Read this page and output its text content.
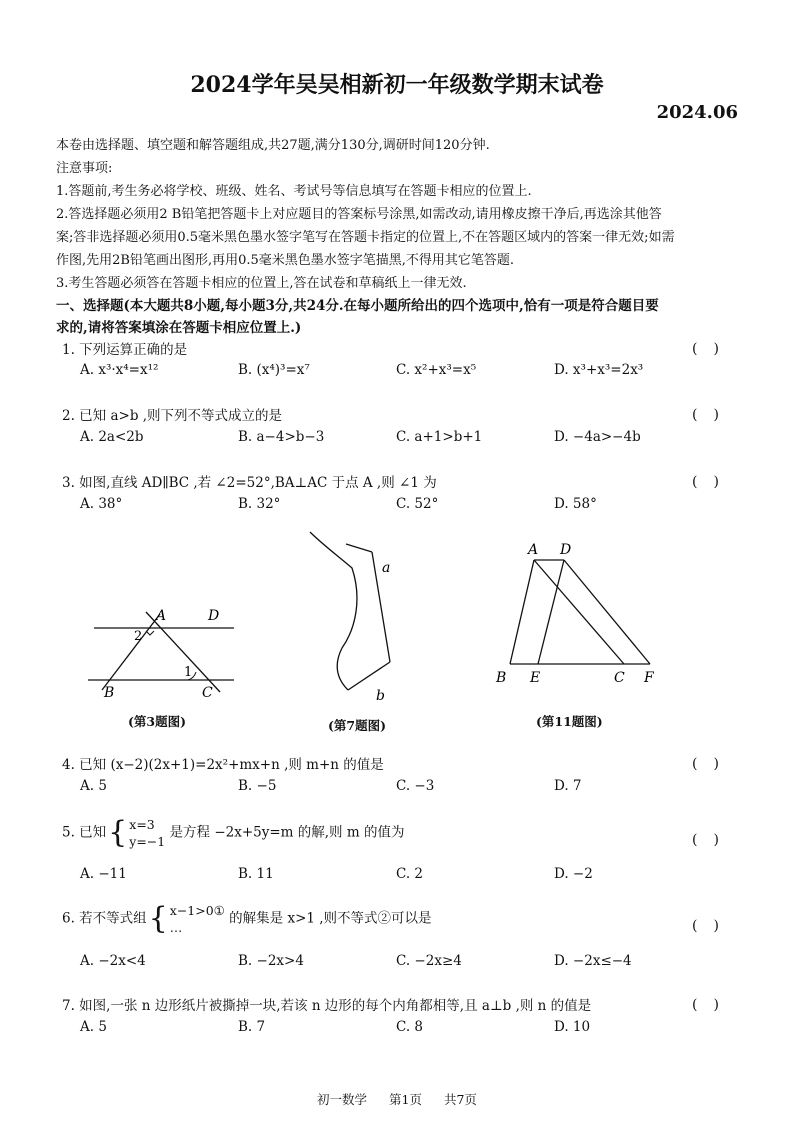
2024学年吴吴相新初一年级数学期末试卷
2024.06
本卷由选择题、填空题和解答题组成,共27题,满分130分,调研时间120分钟.
注意事项:
1.答题前,考生务必将学校、班级、姓名、考试号等信息填写在答题卡相应的位置上.
2.答选择题必须用2 B铅笔把答题卡上对应题目的答案标号涂黑,如需改动,请用橡皮擦干净后,再选涂其他答
案;答非选择题必须用0.5毫米黑色墨水签字笔写在答题卡指定的位置上,不在答题区域内的答案一律无效;如需
作图,先用2B铅笔画出图形,再用0.5毫米黑色墨水签字笔描黑,不得用其它笔答题.
3.考生答题必须答在答题卡相应的位置上,答在试卷和草稿纸上一律无效.
一、选择题(本大题共8小题,每小题3分,共24分.在每小题所给出的四个选项中,恰有一项是符合题目要
求的,请将答案填涂在答题卡相应位置上.)
1. 下列运算正确的是	(　)
A. x³·x⁴=x¹²	B. (x⁴)³=x⁷	C. x²+x³=x⁵	D. x³+x³=2x³
2. 已知 a>b ,则下列不等式成立的是	(　)
A. 2a<2b	B. a−4>b−3	C. a+1>b+1	D. −4a>−4b
3. 如图,直线 AD∥BC ,若 ∠2=52°,BA⊥AC 于点 A ,则 ∠1 为	(　)
A. 38°	B. 32°	C. 52°	D. 58°
A	D
B	C
1
2
(第3题图)
a
b
(第7题图)
A D
B E	C F
(第11题图)
4. 已知 (x−2)(2x+1)=2x²+mx+n ,则 m+n 的值是	(　)
A. 5	B. −5	C. −3	D. 7
5. 已知{ x=3
y=−1 是方程 −2x+5y=m 的解,则 m 的值为	(　)
A. −11	B. 11	C. 2	D. −2
6. 若不等式组{ x−1>0①
… 的解集是 x>1 ,则不等式②可以是	(　)
A. −2x<4	B. −2x>4	C. −2x≥4	D. −2x≤−4
7. 如图,一张 n 边形纸片被撕掉一块,若该 n 边形的每个内角都相等,且 a⊥b ,则 n 的值是	(　)
A. 5	B. 7	C. 8	D. 10
初一数学 第1页 共7页
